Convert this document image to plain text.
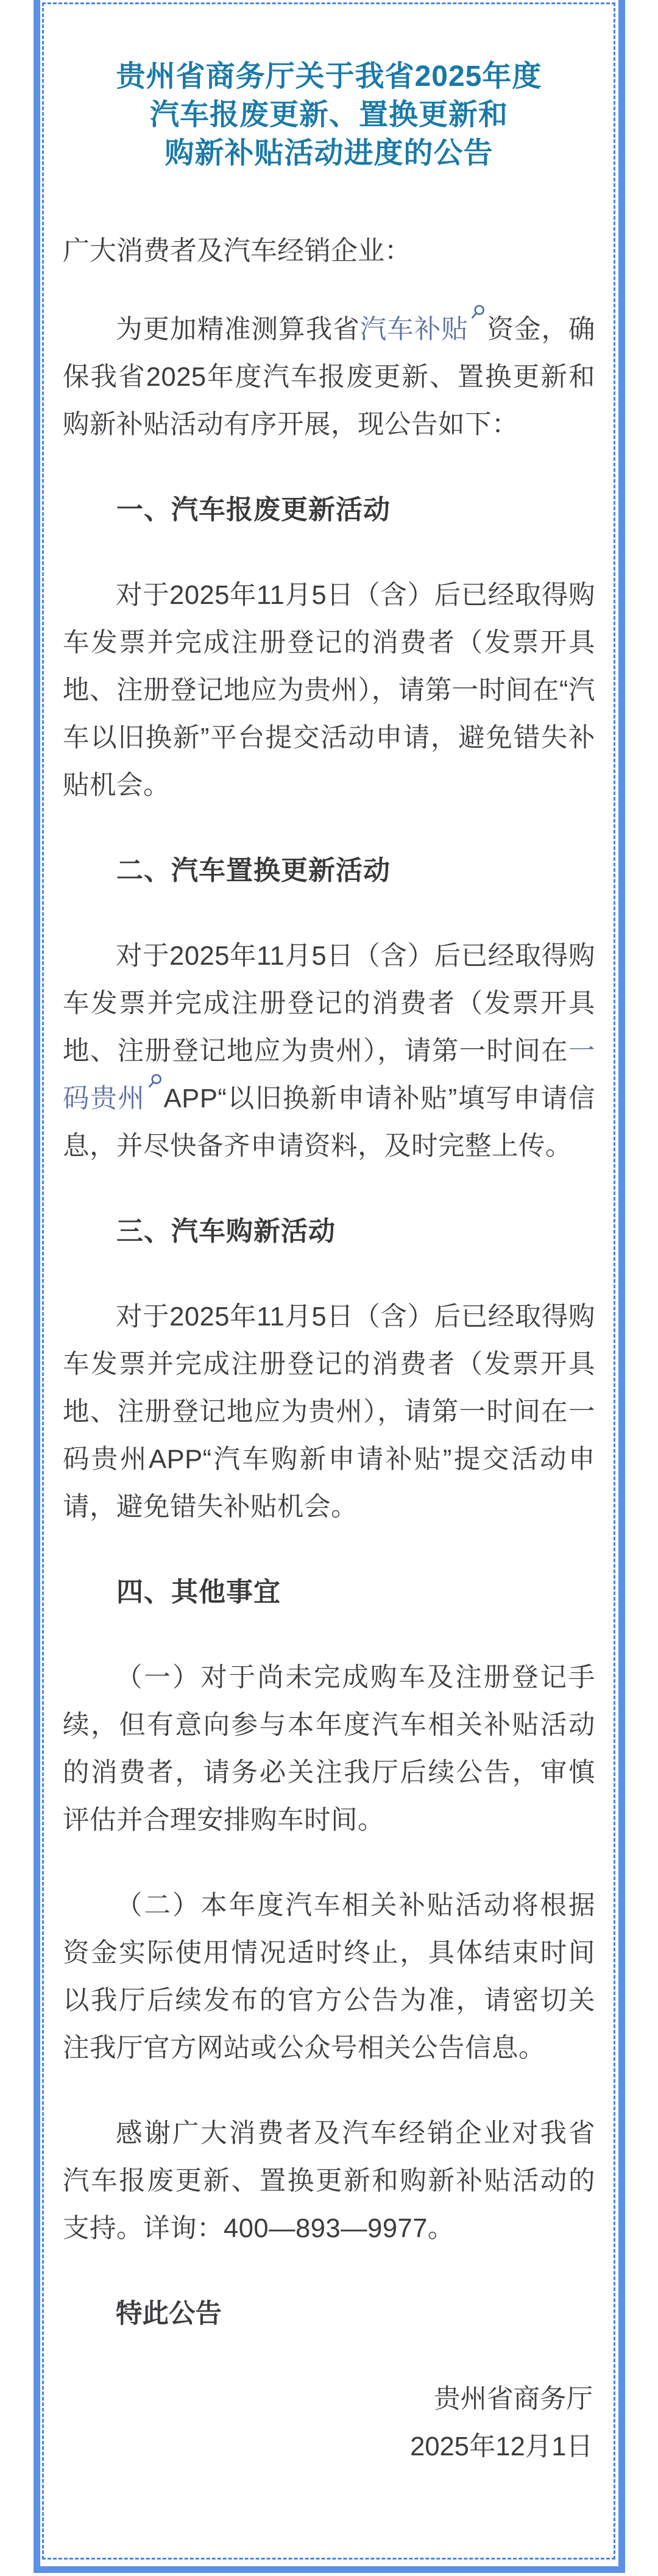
贵州省商务厅关于我省2025年度
汽车报废更新、置换更新和
购新补贴活动进度的公告

广大消费者及汽车经销企业：

为更加精准测算我省汽车补贴 资金，确保我省2025年度汽车报废更新、置换更新和购新补贴活动有序开展，现公告如下：

一、汽车报废更新活动

对于2025年11月5日（含）后已经取得购车发票并完成注册登记的消费者（发票开具地、注册登记地应为贵州），请第一时间在“汽车以旧换新”平台提交活动申请，避免错失补贴机会。

二、汽车置换更新活动

对于2025年11月5日（含）后已经取得购车发票并完成注册登记的消费者（发票开具地、注册登记地应为贵州），请第一时间在一码贵州 APP“以旧换新申请补贴”填写申请信息，并尽快备齐申请资料，及时完整上传。

三、汽车购新活动

对于2025年11月5日（含）后已经取得购车发票并完成注册登记的消费者（发票开具地、注册登记地应为贵州），请第一时间在一码贵州APP“汽车购新申请补贴”提交活动申请，避免错失补贴机会。

四、其他事宜

（一）对于尚未完成购车及注册登记手续，但有意向参与本年度汽车相关补贴活动的消费者，请务必关注我厅后续公告，审慎评估并合理安排购车时间。

（二）本年度汽车相关补贴活动将根据资金实际使用情况适时终止，具体结束时间以我厅后续发布的官方公告为准，请密切关注我厅官方网站或公众号相关公告信息。

感谢广大消费者及汽车经销企业对我省汽车报废更新、置换更新和购新补贴活动的支持。详询：400—893—9977。

特此公告

贵州省商务厅

2025年12月1日
